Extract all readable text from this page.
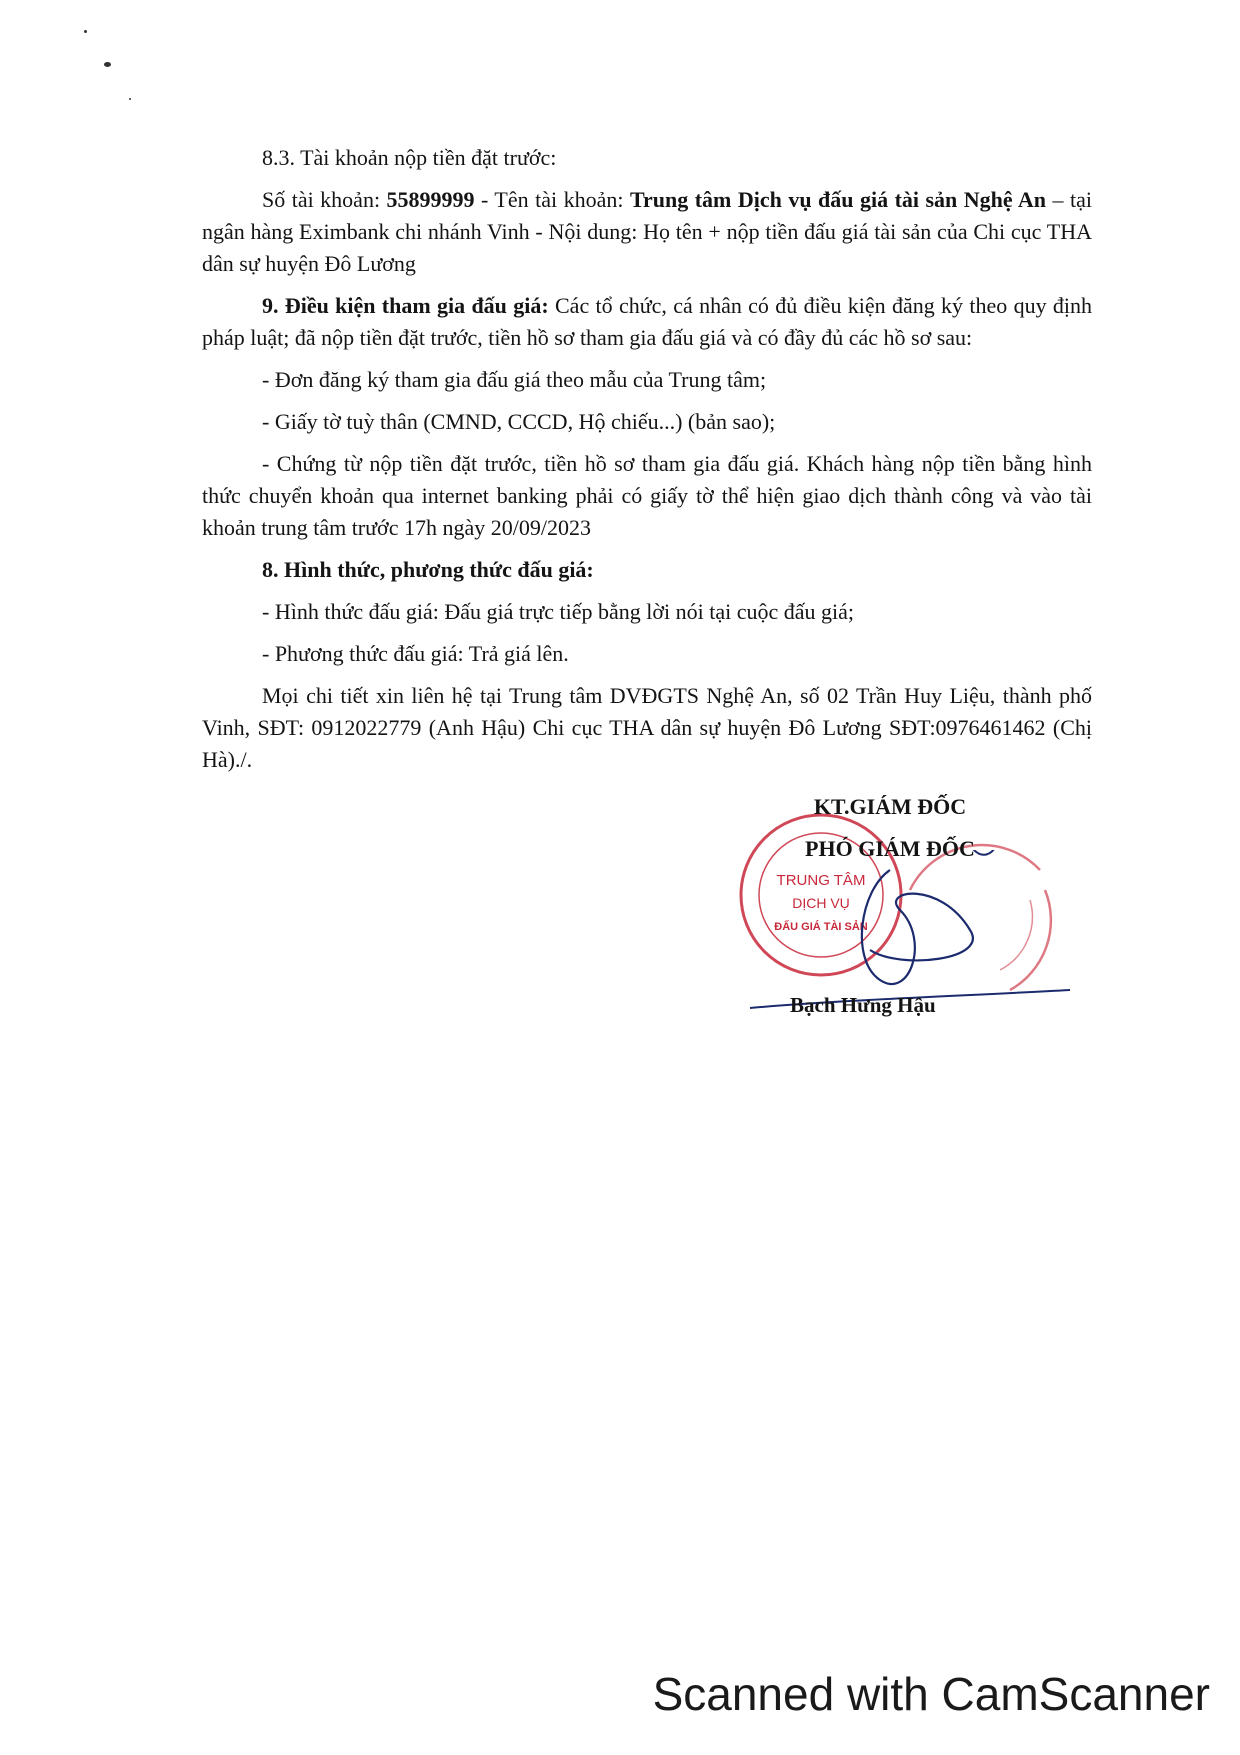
8.3. Tài khoản nộp tiền đặt trước:

Số tài khoản: 55899999 - Tên tài khoản: Trung tâm Dịch vụ đấu giá tài sản Nghệ An – tại ngân hàng Eximbank chi nhánh Vinh - Nội dung: Họ tên + nộp tiền đấu giá tài sản của Chi cục THA dân sự huyện Đô Lương

9. Điều kiện tham gia đấu giá: Các tổ chức, cá nhân có đủ điều kiện đăng ký theo quy định pháp luật; đã nộp tiền đặt trước, tiền hồ sơ tham gia đấu giá và có đầy đủ các hồ sơ sau:

- Đơn đăng ký tham gia đấu giá theo mẫu của Trung tâm;

- Giấy tờ tuỳ thân (CMND, CCCD, Hộ chiếu...) (bản sao);

- Chứng từ nộp tiền đặt trước, tiền hồ sơ tham gia đấu giá. Khách hàng nộp tiền bằng hình thức chuyển khoản qua internet banking phải có giấy tờ thể hiện giao dịch thành công và vào tài khoản trung tâm trước 17h ngày 20/09/2023

8. Hình thức, phương thức đấu giá:

- Hình thức đấu giá: Đấu giá trực tiếp bằng lời nói tại cuộc đấu giá;

- Phương thức đấu giá: Trả giá lên.

Mọi chi tiết xin liên hệ tại Trung tâm DVĐGTS Nghệ An, số 02 Trần Huy Liệu, thành phố Vinh, SĐT: 0912022779 (Anh Hậu) Chi cục THA dân sự huyện Đô Lương SĐT:0976461462 (Chị Hà)./.

TRUNG TÂM
DỊCH VỤ
ĐẤU GIÁ TÀI SẢN
KT.GIÁM ĐỐC
PHÓ GIÁM ĐỐC
Bạch Hưng Hậu
Scanned with CamScanner
